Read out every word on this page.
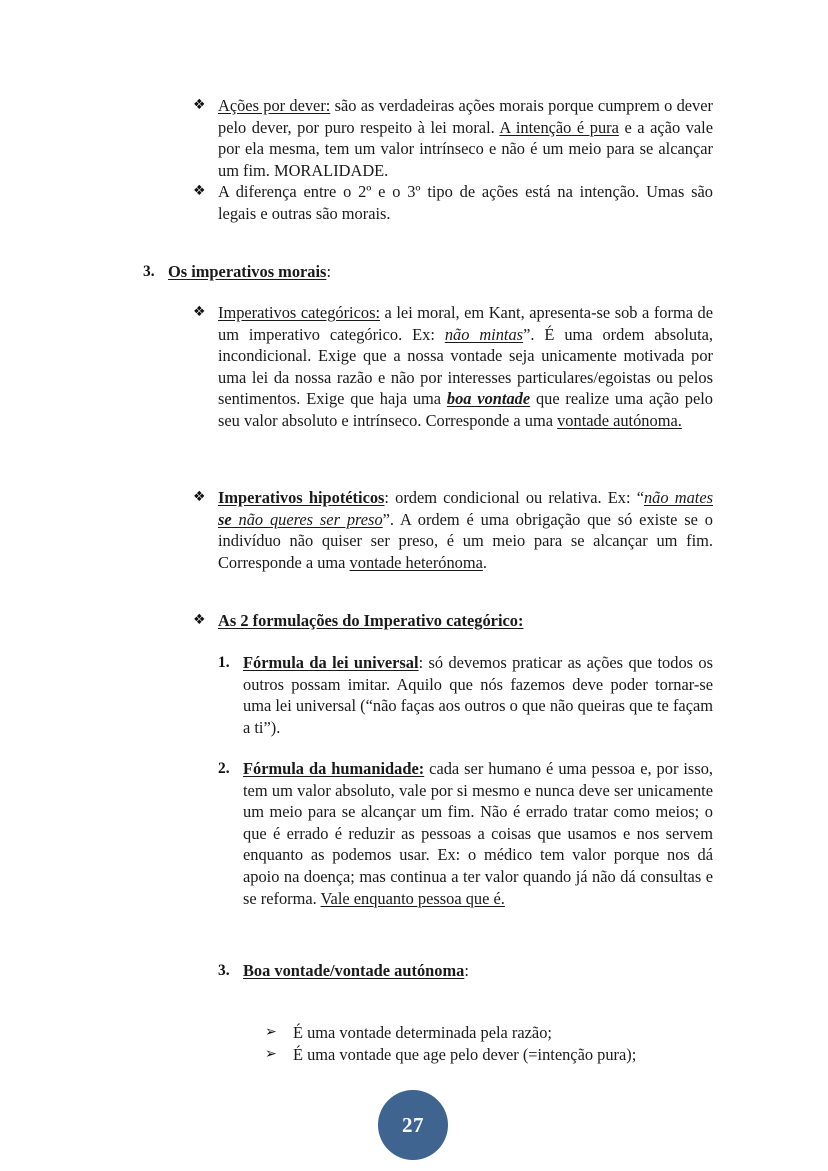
❖ Ações por dever: são as verdadeiras ações morais porque cumprem o dever pelo dever, por puro respeito à lei moral. A intenção é pura e a ação vale por ela mesma, tem um valor intrínseco e não é um meio para se alcançar um fim. MORALIDADE.
❖ A diferença entre o 2º e o 3º tipo de ações está na intenção. Umas são legais e outras são morais.
3. Os imperativos morais:
❖ Imperativos categóricos: a lei moral, em Kant, apresenta-se sob a forma de um imperativo categórico. Ex: não mintas”. É uma ordem absoluta, incondicional. Exige que a nossa vontade seja unicamente motivada por uma lei da nossa razão e não por interesses particulares/egoistas ou pelos sentimentos. Exige que haja uma boa vontade que realize uma ação pelo seu valor absoluto e intrínseco. Corresponde a uma vontade autónoma.
❖ Imperativos hipotéticos: ordem condicional ou relativa. Ex: “não mates se não queres ser preso”. A ordem é uma obrigação que só existe se o indivíduo não quiser ser preso, é um meio para se alcançar um fim. Corresponde a uma vontade heterónoma.
❖ As 2 formulações do Imperativo categórico:
1. Fórmula da lei universal: só devemos praticar as ações que todos os outros possam imitar. Aquilo que nós fazemos deve poder tornar-se uma lei universal (“não faças aos outros o que não queiras que te façam a ti”).
2. Fórmula da humanidade: cada ser humano é uma pessoa e, por isso, tem um valor absoluto, vale por si mesmo e nunca deve ser unicamente um meio para se alcançar um fim. Não é errado tratar como meios; o que é errado é reduzir as pessoas a coisas que usamos e nos servem enquanto as podemos usar. Ex: o médico tem valor porque nos dá apoio na doença; mas continua a ter valor quando já não dá consultas e se reforma. Vale enquanto pessoa que é.
3. Boa vontade/vontade autónoma:
➢ É uma vontade determinada pela razão;
➢ É uma vontade que age pelo dever (=intenção pura);
27
